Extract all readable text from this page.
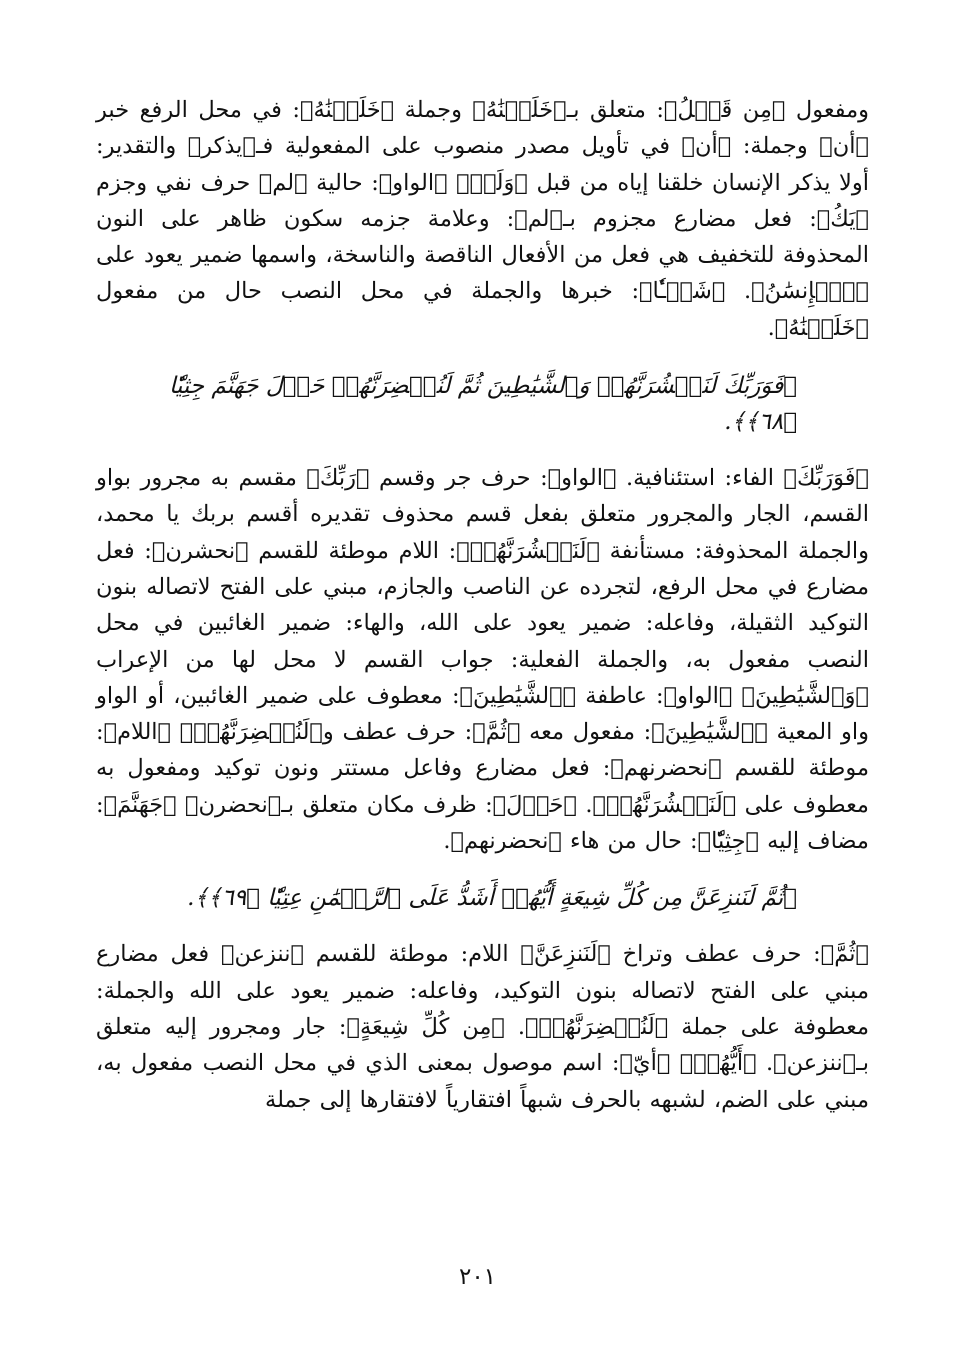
ومفعول ﴿مِن قَبۡلُ﴾: متعلق بـ﴿خَلَقۡنَٰهُ﴾ وجملة ﴿خَلَقۡنَٰهُ﴾: في محل الرفع خبر ﴿أن﴾ وجملة: ﴿أن﴾ في تأويل مصدر منصوب على المفعولية فـ﴿يذكر﴾ والتقدير: أولا يذكر الإنسان خلقنا إياه من قبل ﴿وَلَمۡ﴾ ﴿الواو﴾: حالية ﴿لم﴾ حرف نفي وجزم ﴿يَكُ﴾: فعل مضارع مجزوم بـ﴿لم﴾: وعلامة جزمه سكون ظاهر على النون المحذوفة للتخفيف هي فعل من الأفعال الناقصة والناسخة، واسمها ضمير يعود على ﴿ٱلۡإِنسَٰنُ﴾. ﴿شَيۡـٔٗا﴾: خبرها والجملة في محل النصب حال من مفعول ﴿خَلَقۡنَٰهُ﴾.

﴿فَوَرَبِّكَ لَنَحۡشُرَنَّهُمۡ وَٱلشَّيَٰطِينَ ثُمَّ لَنُحۡضِرَنَّهُمۡ حَوۡلَ جَهَنَّمَ جِثِيّٗا ﴿٦٨﴾﴾.

﴿فَوَرَبِّكَ﴾ الفاء: استئنافية. ﴿الواو﴾: حرف جر وقسم ﴿رَبِّكَ﴾ مقسم به مجرور بواو القسم، الجار والمجرور متعلق بفعل قسم محذوف تقديره أقسم بربك يا محمد، والجملة المحذوفة: مستأنفة ﴿لَنَحۡشُرَنَّهُمۡ﴾: اللام موطئة للقسم ﴿نحشرن﴾: فعل مضارع في محل الرفع، لتجرده عن الناصب والجازم، مبني على الفتح لاتصاله بنون التوكيد الثقيلة، وفاعله: ضمير يعود على الله، والهاء: ضمير الغائبين في محل النصب مفعول به، والجملة الفعلية: جواب القسم لا محل لها من الإعراب ﴿وَٱلشَّيَٰطِينَ﴾ ﴿الواو﴾: عاطفة ﴿ٱلشَّيَٰطِينَ﴾: معطوف على ضمير الغائبين، أو الواو واو المعية ﴿ٱلشَّيَٰطِينَ﴾: مفعول معه ﴿ثُمَّ﴾: حرف عطف و﴿لَنُحۡضِرَنَّهُمۡ﴾ ﴿اللام﴾: موطئة للقسم ﴿نحضرنهم﴾: فعل مضارع وفاعل مستتر ونون توكيد ومفعول به معطوف على ﴿لَنَحۡشُرَنَّهُمۡ﴾. ﴿حَوۡلَ﴾: ظرف مكان متعلق بـ﴿نحضرن﴾ ﴿جَهَنَّمَ﴾: مضاف إليه ﴿جِثِيّٗا﴾: حال من هاء ﴿نحضرنهم﴾.

﴿ثُمَّ لَنَنزِعَنَّ مِن كُلِّ شِيعَةٍ أَيُّهُمۡ أَشَدُّ عَلَى ٱلرَّحۡمَٰنِ عِتِيّٗا ﴿٦٩﴾﴾.

﴿ثُمَّ﴾: حرف عطف وتراخ ﴿لَنَنزِعَنَّ﴾ اللام: موطئة للقسم ﴿ننزعن﴾ فعل مضارع مبني على الفتح لاتصاله بنون التوكيد، وفاعله: ضمير يعود على الله والجملة: معطوفة على جملة ﴿لَنُحۡضِرَنَّهُمۡ﴾. ﴿مِن كُلِّ شِيعَةٍ﴾: جار ومجرور إليه متعلق بـ﴿ننزعن﴾. ﴿أَيُّهُمۡ﴾ ﴿أيّ﴾: اسم موصول بمعنى الذي في محل النصب مفعول به، مبني على الضم، لشبهه بالحرف شبهاً افتقارياً لافتقارها إلى جملة

٢٠١
